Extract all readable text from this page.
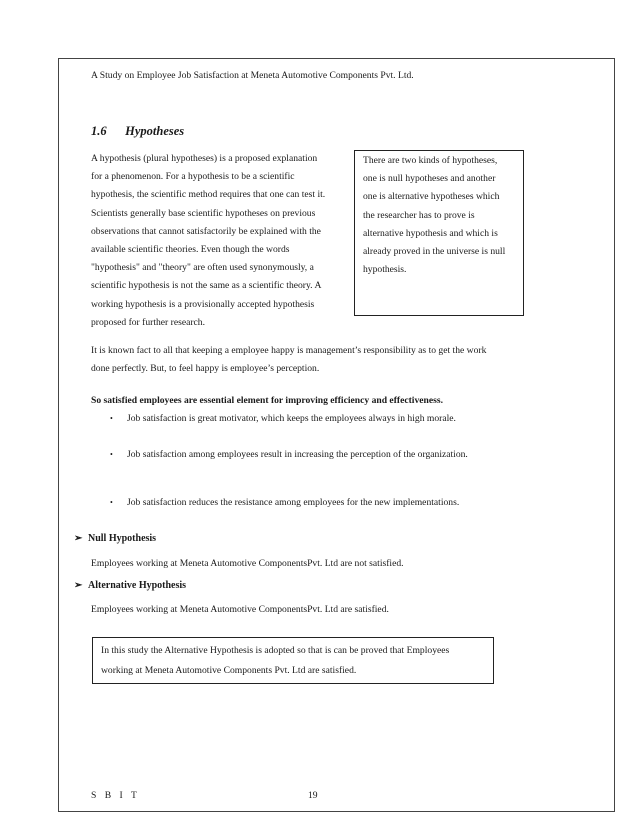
A Study on Employee Job Satisfaction at Meneta Automotive Components Pvt. Ltd.
1.6 Hypotheses
A hypothesis (plural hypotheses) is a proposed explanation
for a phenomenon. For a hypothesis to be a scientific
hypothesis, the scientific method requires that one can test it.
Scientists generally base scientific hypotheses on previous
observations that cannot satisfactorily be explained with the
available scientific theories. Even though the words
"hypothesis" and "theory" are often used synonymously, a
scientific hypothesis is not the same as a scientific theory. A
working hypothesis is a provisionally accepted hypothesis
proposed for further research.
There are two kinds of hypotheses,
one is null hypotheses and another
one is alternative hypotheses which
the researcher has to prove is
alternative hypothesis and which is
already proved in the universe is null
hypothesis.
It is known fact to all that keeping a employee happy is management’s responsibility as to get the work
done perfectly. But, to feel happy is employee’s perception.
So satisfied employees are essential element for improving efficiency and effectiveness.
• Job satisfaction is great motivator, which keeps the employees always in high morale.
• Job satisfaction among employees result in increasing the perception of the organization.
• Job satisfaction reduces the resistance among employees for the new implementations.
➢ Null Hypothesis
Employees working at Meneta Automotive ComponentsPvt. Ltd are not satisfied.
➢ Alternative Hypothesis
Employees working at Meneta Automotive ComponentsPvt. Ltd are satisfied.
In this study the Alternative Hypothesis is adopted so that is can be proved that Employees
working at Meneta Automotive Components Pvt. Ltd are satisfied.
S B I T	19
